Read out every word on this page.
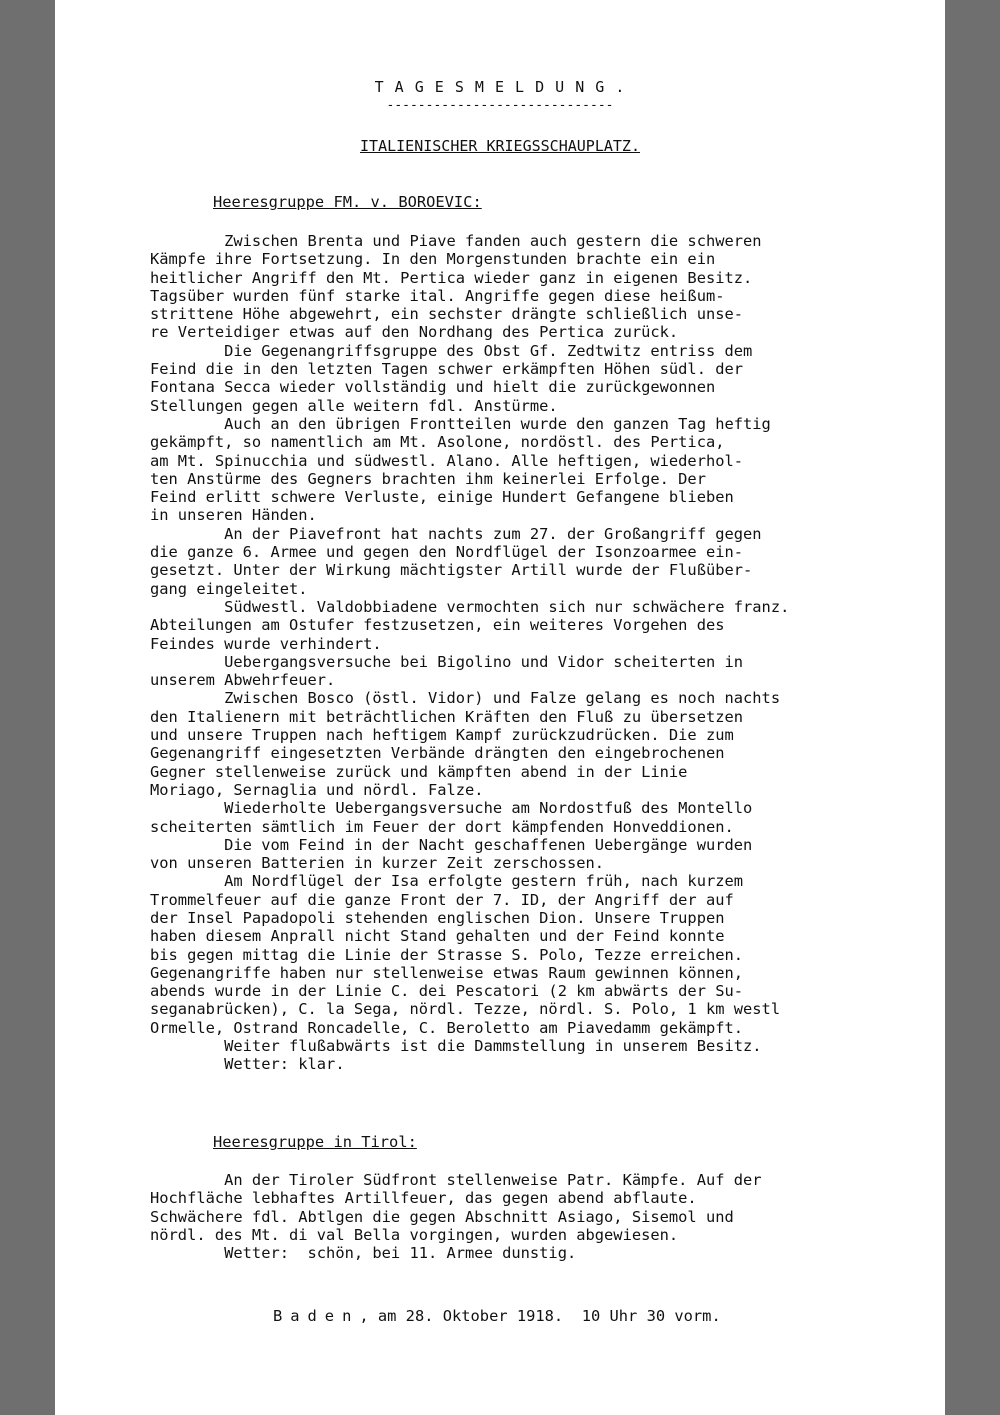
T A G E S M E L D U N G .
-----------------------------
ITALIENISCHER KRIEGSSCHAUPLATZ.
Heeresgruppe FM. v. BOROEVIC:
Zwischen Brenta und Piave fanden auch gestern die schweren
Kämpfe ihre Fortsetzung. In den Morgenstunden brachte ein ein
heitlicher Angriff den Mt. Pertica wieder ganz in eigenen Besitz.
Tagsüber wurden fünf starke ital. Angriffe gegen diese heißum-
strittene Höhe abgewehrt, ein sechster drängte schließlich unse-
re Verteidiger etwas auf den Nordhang des Pertica zurück.
Die Gegenangriffsgruppe des Obst Gf. Zedtwitz entriss dem
Feind die in den letzten Tagen schwer erkämpften Höhen südl. der
Fontana Secca wieder vollständig und hielt die zurückgewonnen
Stellungen gegen alle weitern fdl. Anstürme.
Auch an den übrigen Frontteilen wurde den ganzen Tag heftig
gekämpft, so namentlich am Mt. Asolone, nordöstl. des Pertica,
am Mt. Spinucchia und südwestl. Alano. Alle heftigen, wiederhol-
ten Anstürme des Gegners brachten ihm keinerlei Erfolge. Der
Feind erlitt schwere Verluste, einige Hundert Gefangene blieben
in unseren Händen.
An der Piavefront hat nachts zum 27. der Großangriff gegen
die ganze 6. Armee und gegen den Nordflügel der Isonzoarmee ein-
gesetzt. Unter der Wirkung mächtigster Artill wurde der Flußüber-
gang eingeleitet.
Südwestl. Valdobbiadene vermochten sich nur schwächere franz.
Abteilungen am Ostufer festzusetzen, ein weiteres Vorgehen des
Feindes wurde verhindert.
Uebergangsversuche bei Bigolino und Vidor scheiterten in
unserem Abwehrfeuer.
Zwischen Bosco (östl. Vidor) und Falze gelang es noch nachts
den Italienern mit beträchtlichen Kräften den Fluß zu übersetzen
und unsere Truppen nach heftigem Kampf zurückzudrücken. Die zum
Gegenangriff eingesetzten Verbände drängten den eingebrochenen
Gegner stellenweise zurück und kämpften abend in der Linie
Moriago, Sernaglia und nördl. Falze.
Wiederholte Uebergangsversuche am Nordostfuß des Montello
scheiterten sämtlich im Feuer der dort kämpfenden Honveddionen.
Die vom Feind in der Nacht geschaffenen Uebergänge wurden
von unseren Batterien in kurzer Zeit zerschossen.
Am Nordflügel der Isa erfolgte gestern früh, nach kurzem
Trommelfeuer auf die ganze Front der 7. ID, der Angriff der auf
der Insel Papadopoli stehenden englischen Dion. Unsere Truppen
haben diesem Anprall nicht Stand gehalten und der Feind konnte
bis gegen mittag die Linie der Strasse S. Polo, Tezze erreichen.
Gegenangriffe haben nur stellenweise etwas Raum gewinnen können,
abends wurde in der Linie C. dei Pescatori (2 km abwärts der Su-
seganabrücken), C. la Sega, nördl. Tezze, nördl. S. Polo, 1 km westl
Ormelle, Ostrand Roncadelle, C. Beroletto am Piavedamm gekämpft.
Weiter flußabwärts ist die Dammstellung in unserem Besitz.
Wetter: klar.
Heeresgruppe in Tirol:
An der Tiroler Südfront stellenweise Patr. Kämpfe. Auf der
Hochfläche lebhaftes Artillfeuer, das gegen abend abflaute.
Schwächere fdl. Abtlgen die gegen Abschnitt Asiago, Sisemol und
nördl. des Mt. di val Bella vorgingen, wurden abgewiesen.
Wetter:  schön, bei 11. Armee dunstig.
Baden, am 28. Oktober 1918.  10 Uhr 30 vorm.
